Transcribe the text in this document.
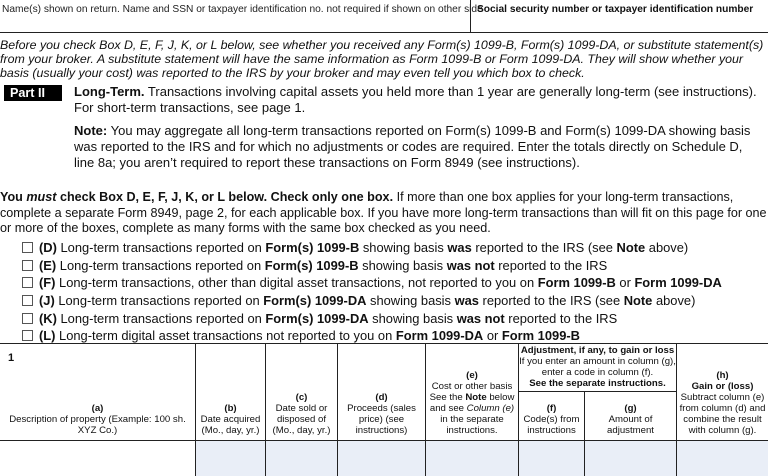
Name(s) shown on return. Name and SSN or taxpayer identification no. not required if shown on other side
Social security number or taxpayer identification number

Before you check Box D, E, F, J, K, or L below, see whether you received any Form(s) 1099-B, Form(s) 1099-DA, or substitute statement(s) from your broker. A substitute statement will have the same information as Form 1099-B or Form 1099-DA. They will show whether your basis (usually your cost) was reported to the IRS by your broker and may even tell you which box to check.

Part II	Long-Term. Transactions involving capital assets you held more than 1 year are generally long-term (see instructions). For short-term transactions, see page 1.

Note: You may aggregate all long-term transactions reported on Form(s) 1099-B and Form(s) 1099-DA showing basis was reported to the IRS and for which no adjustments or codes are required. Enter the totals directly on Schedule D, line 8a; you aren’t required to report these transactions on Form 8949 (see instructions).

You must check Box D, E, F, J, K, or L below. Check only one box. If more than one box applies for your long-term transactions, complete a separate Form 8949, page 2, for each applicable box. If you have more long-term transactions than will fit on this page for one or more of the boxes, complete as many forms with the same box checked as you need.

(D) Long-term transactions reported on Form(s) 1099-B showing basis was reported to the IRS (see Note above)
(E) Long-term transactions reported on Form(s) 1099-B showing basis was not reported to the IRS
(F) Long-term transactions, other than digital asset transactions, not reported to you on Form 1099-B or Form 1099-DA
(J) Long-term transactions reported on Form(s) 1099-DA showing basis was reported to the IRS (see Note above)
(K) Long-term transactions reported on Form(s) 1099-DA showing basis was not reported to the IRS
(L) Long-term digital asset transactions not reported to you on Form 1099-DA or Form 1099-B
1
(a)
Description of property (Example: 100 sh. XYZ Co.)
(b)
Date acquired (Mo., day, yr.)
(c)
Date sold or disposed of (Mo., day, yr.)
(d)
Proceeds (sales price) (see instructions)
(e)
Cost or other basis See the Note below and see Column (e) in the separate instructions.
Adjustment, if any, to gain or loss
If you enter an amount in column (g), enter a code in column (f).
See the separate instructions.
(f)
Code(s) from instructions
(g)
Amount of adjustment
(h)
Gain or (loss)
Subtract column (e) from column (d) and combine the result with column (g).
